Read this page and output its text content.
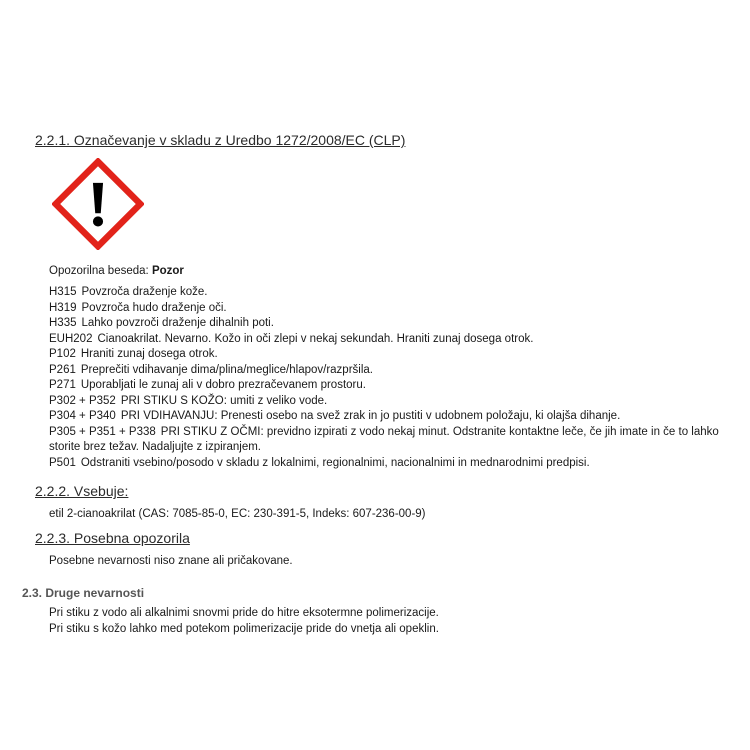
2.2.1. Označevanje v skladu z Uredbo 1272/2008/EC (CLP)
Opozorilna beseda: Pozor
H315 Povzroča draženje kože.
H319 Povzroča hudo draženje oči.
H335 Lahko povzroči draženje dihalnih poti.
EUH202 Cianoakrilat. Nevarno. Kožo in oči zlepi v nekaj sekundah. Hraniti zunaj dosega otrok.
P102 Hraniti zunaj dosega otrok.
P261 Preprečiti vdihavanje dima/plina/meglice/hlapov/razpršila.
P271 Uporabljati le zunaj ali v dobro prezračevanem prostoru.
P302 + P352 PRI STIKU S KOŽO: umiti z veliko vode.
P304 + P340 PRI VDIHAVANJU: Prenesti osebo na svež zrak in jo pustiti v udobnem položaju, ki olajša dihanje.
P305 + P351 + P338 PRI STIKU Z OČMI: previdno izpirati z vodo nekaj minut. Odstranite kontaktne leče, če jih imate in če to lahko storite brez težav. Nadaljujte z izpiranjem.
P501 Odstraniti vsebino/posodo v skladu z lokalnimi, regionalnimi, nacionalnimi in mednarodnimi predpisi.
2.2.2. Vsebuje:
etil 2-cianoakrilat (CAS: 7085-85-0, EC: 230-391-5, Indeks: 607-236-00-9)
2.2.3. Posebna opozorila
Posebne nevarnosti niso znane ali pričakovane.
2.3. Druge nevarnosti
Pri stiku z vodo ali alkalnimi snovmi pride do hitre eksotermne polimerizacije.
Pri stiku s kožo lahko med potekom polimerizacije pride do vnetja ali opeklin.
